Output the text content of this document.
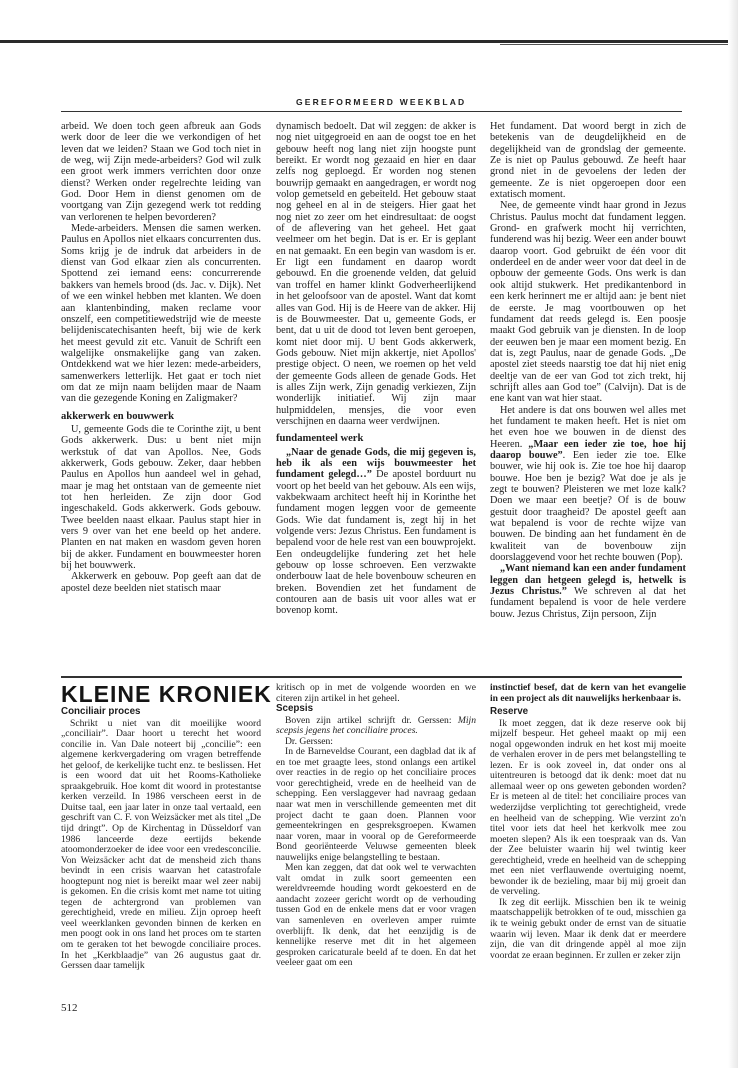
GEREFORMEERD WEEKBLAD

arbeid. We doen toch geen afbreuk aan Gods werk door de leer die we verkondigen of het leven dat we leiden? Staan we God toch niet in de weg, wij Zijn mede-arbeiders? God wil zulk een groot werk immers verrichten door onze dienst? Werken onder regelrechte leiding van God. Door Hem in dienst genomen om de voortgang van Zijn gezegend werk tot redding van verlorenen te helpen bevorderen?

Mede-arbeiders. Mensen die samen werken. Paulus en Apollos niet elkaars concurrenten dus. Soms krijg je de indruk dat arbeiders in de dienst van God elkaar zien als concurrenten. Spottend zei iemand eens: concurrerende bakkers van hemels brood (ds. Jac. v. Dijk). Net of we een winkel hebben met klanten. We doen aan klantenbinding, maken reclame voor onszelf, een competitiewedstrijd wie de meeste belijdeniscatechisanten heeft, bij wie de kerk het meest gevuld zit etc. Vanuit de Schrift een walgelijke onsmakelijke gang van zaken. Ontdekkend wat we hier lezen: mede-arbeiders, samenwerkers letterlijk. Het gaat er toch niet om dat ze mijn naam belijden maar de Naam van die gezegende Koning en Zaligmaker?

akkerwerk en bouwwerk

U, gemeente Gods die te Corinthe zijt, u bent Gods akkerwerk. Dus: u bent niet mijn werkstuk of dat van Apollos. Nee, Gods akkerwerk, Gods gebouw. Zeker, daar hebben Paulus en Apollos hun aandeel wel in gehad, maar je mag het ontstaan van de gemeente niet tot hen herleiden. Ze zijn door God ingeschakeld. Gods akkerwerk. Gods gebouw. Twee beelden naast elkaar. Paulus stapt hier in vers 9 over van het ene beeld op het andere. Planten en nat maken en wasdom geven horen bij de akker. Fundament en bouwmeester horen bij het bouwwerk.

Akkerwerk en gebouw. Pop geeft aan dat de apostel deze beelden niet statisch maar

dynamisch bedoelt. Dat wil zeggen: de akker is nog niet uitgegroeid en aan de oogst toe en het gebouw heeft nog lang niet zijn hoogste punt bereikt. Er wordt nog gezaaid en hier en daar zelfs nog geploegd. Er worden nog stenen bouwrijp gemaakt en aangedragen, er wordt nog volop gemetseld en gebeiteld. Het gebouw staat nog geheel en al in de steigers. Hier gaat het nog niet zo zeer om het eindresultaat: de oogst of de aflevering van het geheel. Het gaat veelmeer om het begin. Dat is er. Er is geplant en nat gemaakt. En een begin van wasdom is er. Er ligt een fundament en daarop wordt gebouwd. En die groenende velden, dat geluid van troffel en hamer klinkt Godverheerlijkend in het geloofsoor van de apostel. Want dat komt alles van God. Hij is de Heere van de akker. Hij is de Bouwmeester. Dat u, gemeente Gods, er bent, dat u uit de dood tot leven bent geroepen, komt niet door mij. U bent Gods akkerwerk, Gods gebouw. Niet mijn akkertje, niet Apollos' prestige object. O neen, we roemen op het veld der gemeente Gods alleen de genade Gods. Het is alles Zijn werk, Zijn genadig verkiezen, Zijn wonderlijk initiatief. Wij zijn maar hulpmiddelen, mensjes, die voor even verschijnen en daarna weer verdwijnen.

fundamenteel werk

„Naar de genade Gods, die mij gegeven is, heb ik als een wijs bouwmeester het fundament gelegd…” De apostel borduurt nu voort op het beeld van het gebouw. Als een wijs, vakbekwaam architect heeft hij in Korinthe het fundament mogen leggen voor de gemeente Gods. Wie dat fundament is, zegt hij in het volgende vers: Jezus Christus. Een fundament is bepalend voor de hele rest van een bouwprojekt. Een ondeugdelijke fundering zet het hele gebouw op losse schroeven. Een verzwakte onderbouw laat de hele bovenbouw scheuren en breken. Bovendien zet het fundament de contouren aan de basis uit voor alles wat er bovenop komt.

Het fundament. Dat woord bergt in zich de betekenis van de deugdelijkheid en de degelijkheid van de grondslag der gemeente. Ze is niet op Paulus gebouwd. Ze heeft haar grond niet in de gevoelens der leden der gemeente. Ze is niet opgeroepen door een extatisch moment.

Nee, de gemeente vindt haar grond in Jezus Christus. Paulus mocht dat fundament leggen. Grond- en grafwerk mocht hij verrichten, funderend was hij bezig. Weer een ander bouwt daarop voort. God gebruikt de één voor dit onderdeel en de ander weer voor dat deel in de opbouw der gemeente Gods. Ons werk is dan ook altijd stukwerk. Het predikantenbord in een kerk herinnert me er altijd aan: je bent niet de eerste. Je mag voortbouwen op het fundament dat reeds gelegd is. Een poosje maakt God gebruik van je diensten. In de loop der eeuwen ben je maar een moment bezig. En dat is, zegt Paulus, naar de genade Gods. „De apostel ziet steeds naarstig toe dat hij niet enig deeltje van de eer van God tot zich trekt, hij schrijft alles aan God toe” (Calvijn). Dat is de ene kant van wat hier staat.

Het andere is dat ons bouwen wel alles met het fundament te maken heeft. Het is niet om het even hoe we bouwen in de dienst des Heeren. „Maar een ieder zie toe, hoe hij daarop bouwe”. Een ieder zie toe. Elke bouwer, wie hij ook is. Zie toe hoe hij daarop bouwe. Hoe ben je bezig? Wat doe je als je zegt te bouwen? Pleisteren we met loze kalk? Doen we maar een beetje? Of is de bouw gestuit door traagheid? De apostel geeft aan wat bepalend is voor de rechte wijze van bouwen. De binding aan het fundament èn de kwaliteit van de bovenbouw zijn doorslaggevend voor het rechte bouwen (Pop).

„Want niemand kan een ander fundament leggen dan hetgeen gelegd is, hetwelk is Jezus Christus.” We schreven al dat het fundament bepalend is voor de hele verdere bouw. Jezus Christus, Zijn persoon, Zijn

KLEINE KRONIEK
Conciliair proces

Schrikt u niet van dit moeilijke woord „conciliair”. Daar hoort u terecht het woord concilie in. Van Dale noteert bij „concilie”: een algemene kerkvergadering om vragen betreffende het geloof, de kerkelijke tucht enz. te beslissen. Het is een woord dat uit het Rooms-Katholieke spraakgebruik. Hoe komt dit woord in protestantse kerken verzeild. In 1986 verscheen eerst in de Duitse taal, een jaar later in onze taal vertaald, een geschrift van C. F. von Weizsäcker met als titel „De tijd dringt”. Op de Kirchentag in Düsseldorf van 1986 lanceerde deze eertijds bekende atoomonderzoeker de idee voor een vredesconcilie. Von Weizsäcker acht dat de mensheid zich thans bevindt in een crisis waarvan het catastrofale hoogtepunt nog niet is bereikt maar wel zeer nabij is gekomen. En die crisis komt met name tot uiting tegen de achtergrond van problemen van gerechtigheid, vrede en milieu. Zijn oproep heeft veel weerklanken gevonden binnen de kerken en men poogt ook in ons land het proces om te starten om te geraken tot het bewogde conciliaire proces. In het „Kerkblaadje” van 26 augustus gaat dr. Gerssen daar tamelijk

kritisch op in met de volgende woorden en we citeren zijn artikel in het geheel.

Scepsis

Boven zijn artikel schrijft dr. Gerssen: Mijn scepsis jegens het conciliaire proces.

Dr. Gerssen:

In de Barneveldse Courant, een dagblad dat ik af en toe met graagte lees, stond onlangs een artikel over reacties in de regio op het conciliaire proces voor gerechtigheid, vrede en de heelheid van de schepping. Een verslaggever had navraag gedaan naar wat men in verschillende gemeenten met dit project dacht te gaan doen. Plannen voor gemeentekringen en gespreksgroepen. Kwamen naar voren, maar in vooral op de Gereformeerde Bond georiënteerde Veluwse gemeenten bleek nauwelijks enige belangstelling te bestaan.

Men kan zeggen, dat dat ook wel te verwachten valt omdat in zulk soort gemeenten een wereldvreemde houding wordt gekoesterd en de aandacht zozeer gericht wordt op de verhouding tussen God en de enkele mens dat er voor vragen van samenleven en overleven amper ruimte overblijft. Ik denk, dat het eenzijdig is de kennelijke reserve met dit in het algemeen gesproken caricaturale beeld af te doen. En dat het veeleer gaat om een

instinctief besef, dat de kern van het evangelie in een project als dit nauwelijks herkenbaar is.

Reserve

Ik moet zeggen, dat ik deze reserve ook bij mijzelf bespeur. Het geheel maakt op mij een nogal opgewonden indruk en het kost mij moeite de verhalen erover in de pers met belangstelling te lezen. Er is ook zoveel in, dat onder ons al uitentreuren is betoogd dat ik denk: moet dat nu allemaal weer op ons geweten gebonden worden? Er is meteen al de titel: het conciliaire proces van wederzijdse verplichting tot gerechtigheid, vrede en heelheid van de schepping. Wie verzint zo'n titel voor iets dat heel het kerkvolk mee zou moeten slepen? Als ik een toespraak van ds. Van der Zee beluister waarin hij wel twintig keer gerechtigheid, vrede en heelheid van de schepping met een niet verflauwende overtuiging noemt, bewonder ik de bezieling, maar bij mij groeit dan de verveling.

Ik zeg dit eerlijk. Misschien ben ik te weinig maatschappelijk betrokken of te oud, misschien ga ik te weinig gebukt onder de ernst van de situatie waarin wij leven. Maar ik denk dat er meerdere zijn, die van dit dringende appèl al moe zijn voordat ze eraan beginnen. Er zullen er zeker zijn

512
